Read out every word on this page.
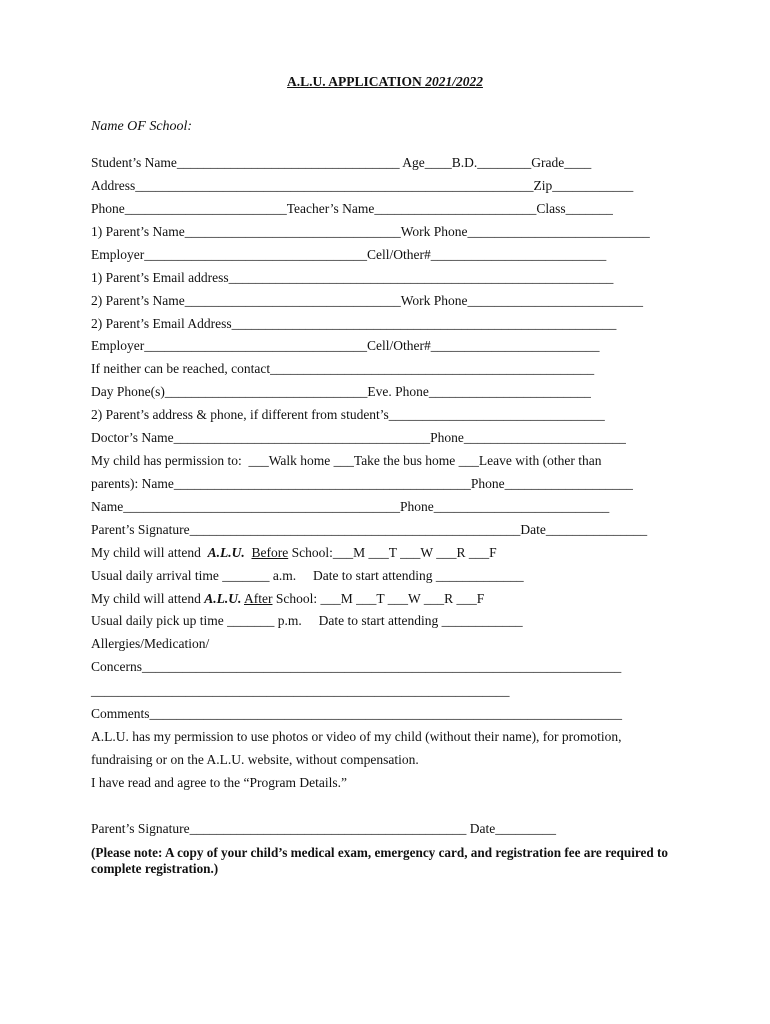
A.L.U. APPLICATION 2021/2022
Name OF School:
Student’s Name_________________________________ Age____B.D.________Grade____
Address___________________________________________________________Zip____________
Phone________________________Teacher’s Name________________________Class_______
1) Parent’s Name________________________________Work Phone___________________________
Employer_________________________________Cell/Other#__________________________
1) Parent’s Email address_________________________________________________________
2) Parent’s Name________________________________Work Phone__________________________
2) Parent’s Email Address_________________________________________________________
Employer_________________________________Cell/Other#_________________________
If neither can be reached, contact________________________________________________
Day Phone(s)______________________________Eve. Phone________________________
2) Parent’s address & phone, if different from student’s________________________________
Doctor’s Name______________________________________Phone________________________
My child has permission to:  ___Walk home ___Take the bus home ___Leave with (other than
parents): Name____________________________________________Phone___________________
Name_________________________________________Phone__________________________
Parent’s Signature_________________________________________________Date_______________
My child will attend  A.L.U. Before School:___M ___T ___W ___R ___F
Usual daily arrival time _______ a.m.     Date to start attending _____________
My child will attend A.L.U. After School: ___M ___T ___W ___R ___F
Usual daily pick up time _______ p.m.     Date to start attending ____________
Allergies/Medication/
Concerns_______________________________________________________________________
______________________________________________________________
Comments______________________________________________________________________
A.L.U. has my permission to use photos or video of my child (without their name), for promotion,
fundraising or on the A.L.U. website, without compensation.
I have read and agree to the “Program Details.”
Parent’s Signature_________________________________________ Date_________
(Please note: A copy of your child’s medical exam, emergency card, and registration fee are required to complete registration.)
